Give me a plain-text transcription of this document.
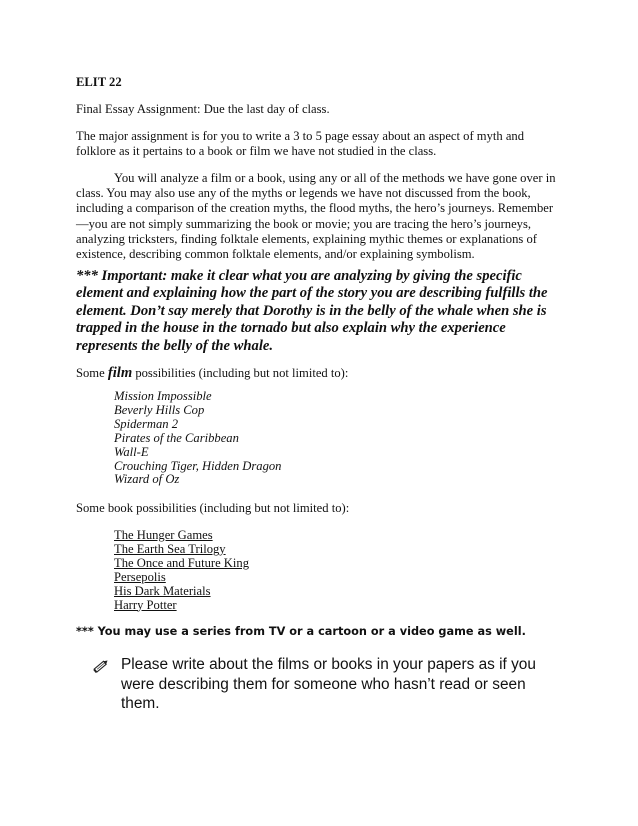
ELIT 22

Final Essay Assignment: Due the last day of class.

The major assignment is for you to write a 3 to 5 page essay about an aspect of myth and folklore as it pertains to a book or film we have not studied in the class.

You will analyze a film or a book, using any or all of the methods we have gone over in class. You may also use any of the myths or legends we have not discussed from the book, including a comparison of the creation myths, the flood myths, the hero’s journeys. Remember—you are not simply summarizing the book or movie; you are tracing the hero’s journeys, analyzing tricksters, finding folktale elements, explaining mythic themes or explanations of existence, describing common folktale elements, and/or explaining symbolism.

*** Important: make it clear what you are analyzing by giving the specific element and explaining how the part of the story you are describing fulfills the element. Don’t say merely that Dorothy is in the belly of the whale when she is trapped in the house in the tornado but also explain why the experience represents the belly of the whale.

Some film possibilities (including but not limited to):

Mission Impossible
Beverly Hills Cop
Spiderman 2
Pirates of the Caribbean
Wall-E
Crouching Tiger, Hidden Dragon
Wizard of Oz

Some book possibilities (including but not limited to):

The Hunger Games
The Earth Sea Trilogy
The Once and Future King
Persepolis
His Dark Materials
Harry Potter

*** You may use a series from TV or a cartoon or a video game as well.

Please write about the films or books in your papers as if you were describing them for someone who hasn’t read or seen them.
